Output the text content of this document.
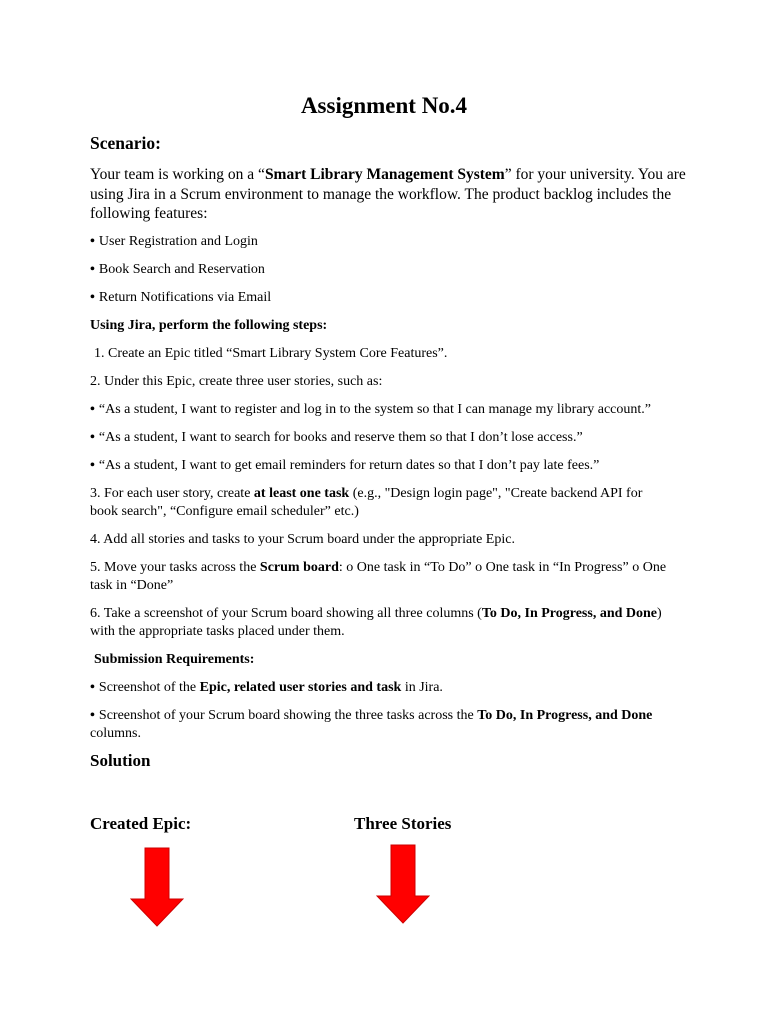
Assignment No.4
Scenario:

Your team is working on a “Smart Library Management System” for your university. You are using Jira in a Scrum environment to manage the workflow. The product backlog includes the following features:

• User Registration and Login

• Book Search and Reservation

• Return Notifications via Email

Using Jira, perform the following steps:

1. Create an Epic titled “Smart Library System Core Features”.

2. Under this Epic, create three user stories, such as:

• “As a student, I want to register and log in to the system so that I can manage my library account.”

• “As a student, I want to search for books and reserve them so that I don’t lose access.”

• “As a student, I want to get email reminders for return dates so that I don’t pay late fees.”

3. For each user story, create at least one task (e.g., "Design login page", "Create backend API for book search", “Configure email scheduler” etc.)

4. Add all stories and tasks to your Scrum board under the appropriate Epic.

5. Move your tasks across the Scrum board: o One task in “To Do” o One task in “In Progress” o One task in “Done”

6. Take a screenshot of your Scrum board showing all three columns (To Do, In Progress, and Done) with the appropriate tasks placed under them.

Submission Requirements:

• Screenshot of the Epic, related user stories and task in Jira.

• Screenshot of your Scrum board showing the three tasks across the To Do, In Progress, and Done columns.

Solution
Created Epic:	Three Stories
